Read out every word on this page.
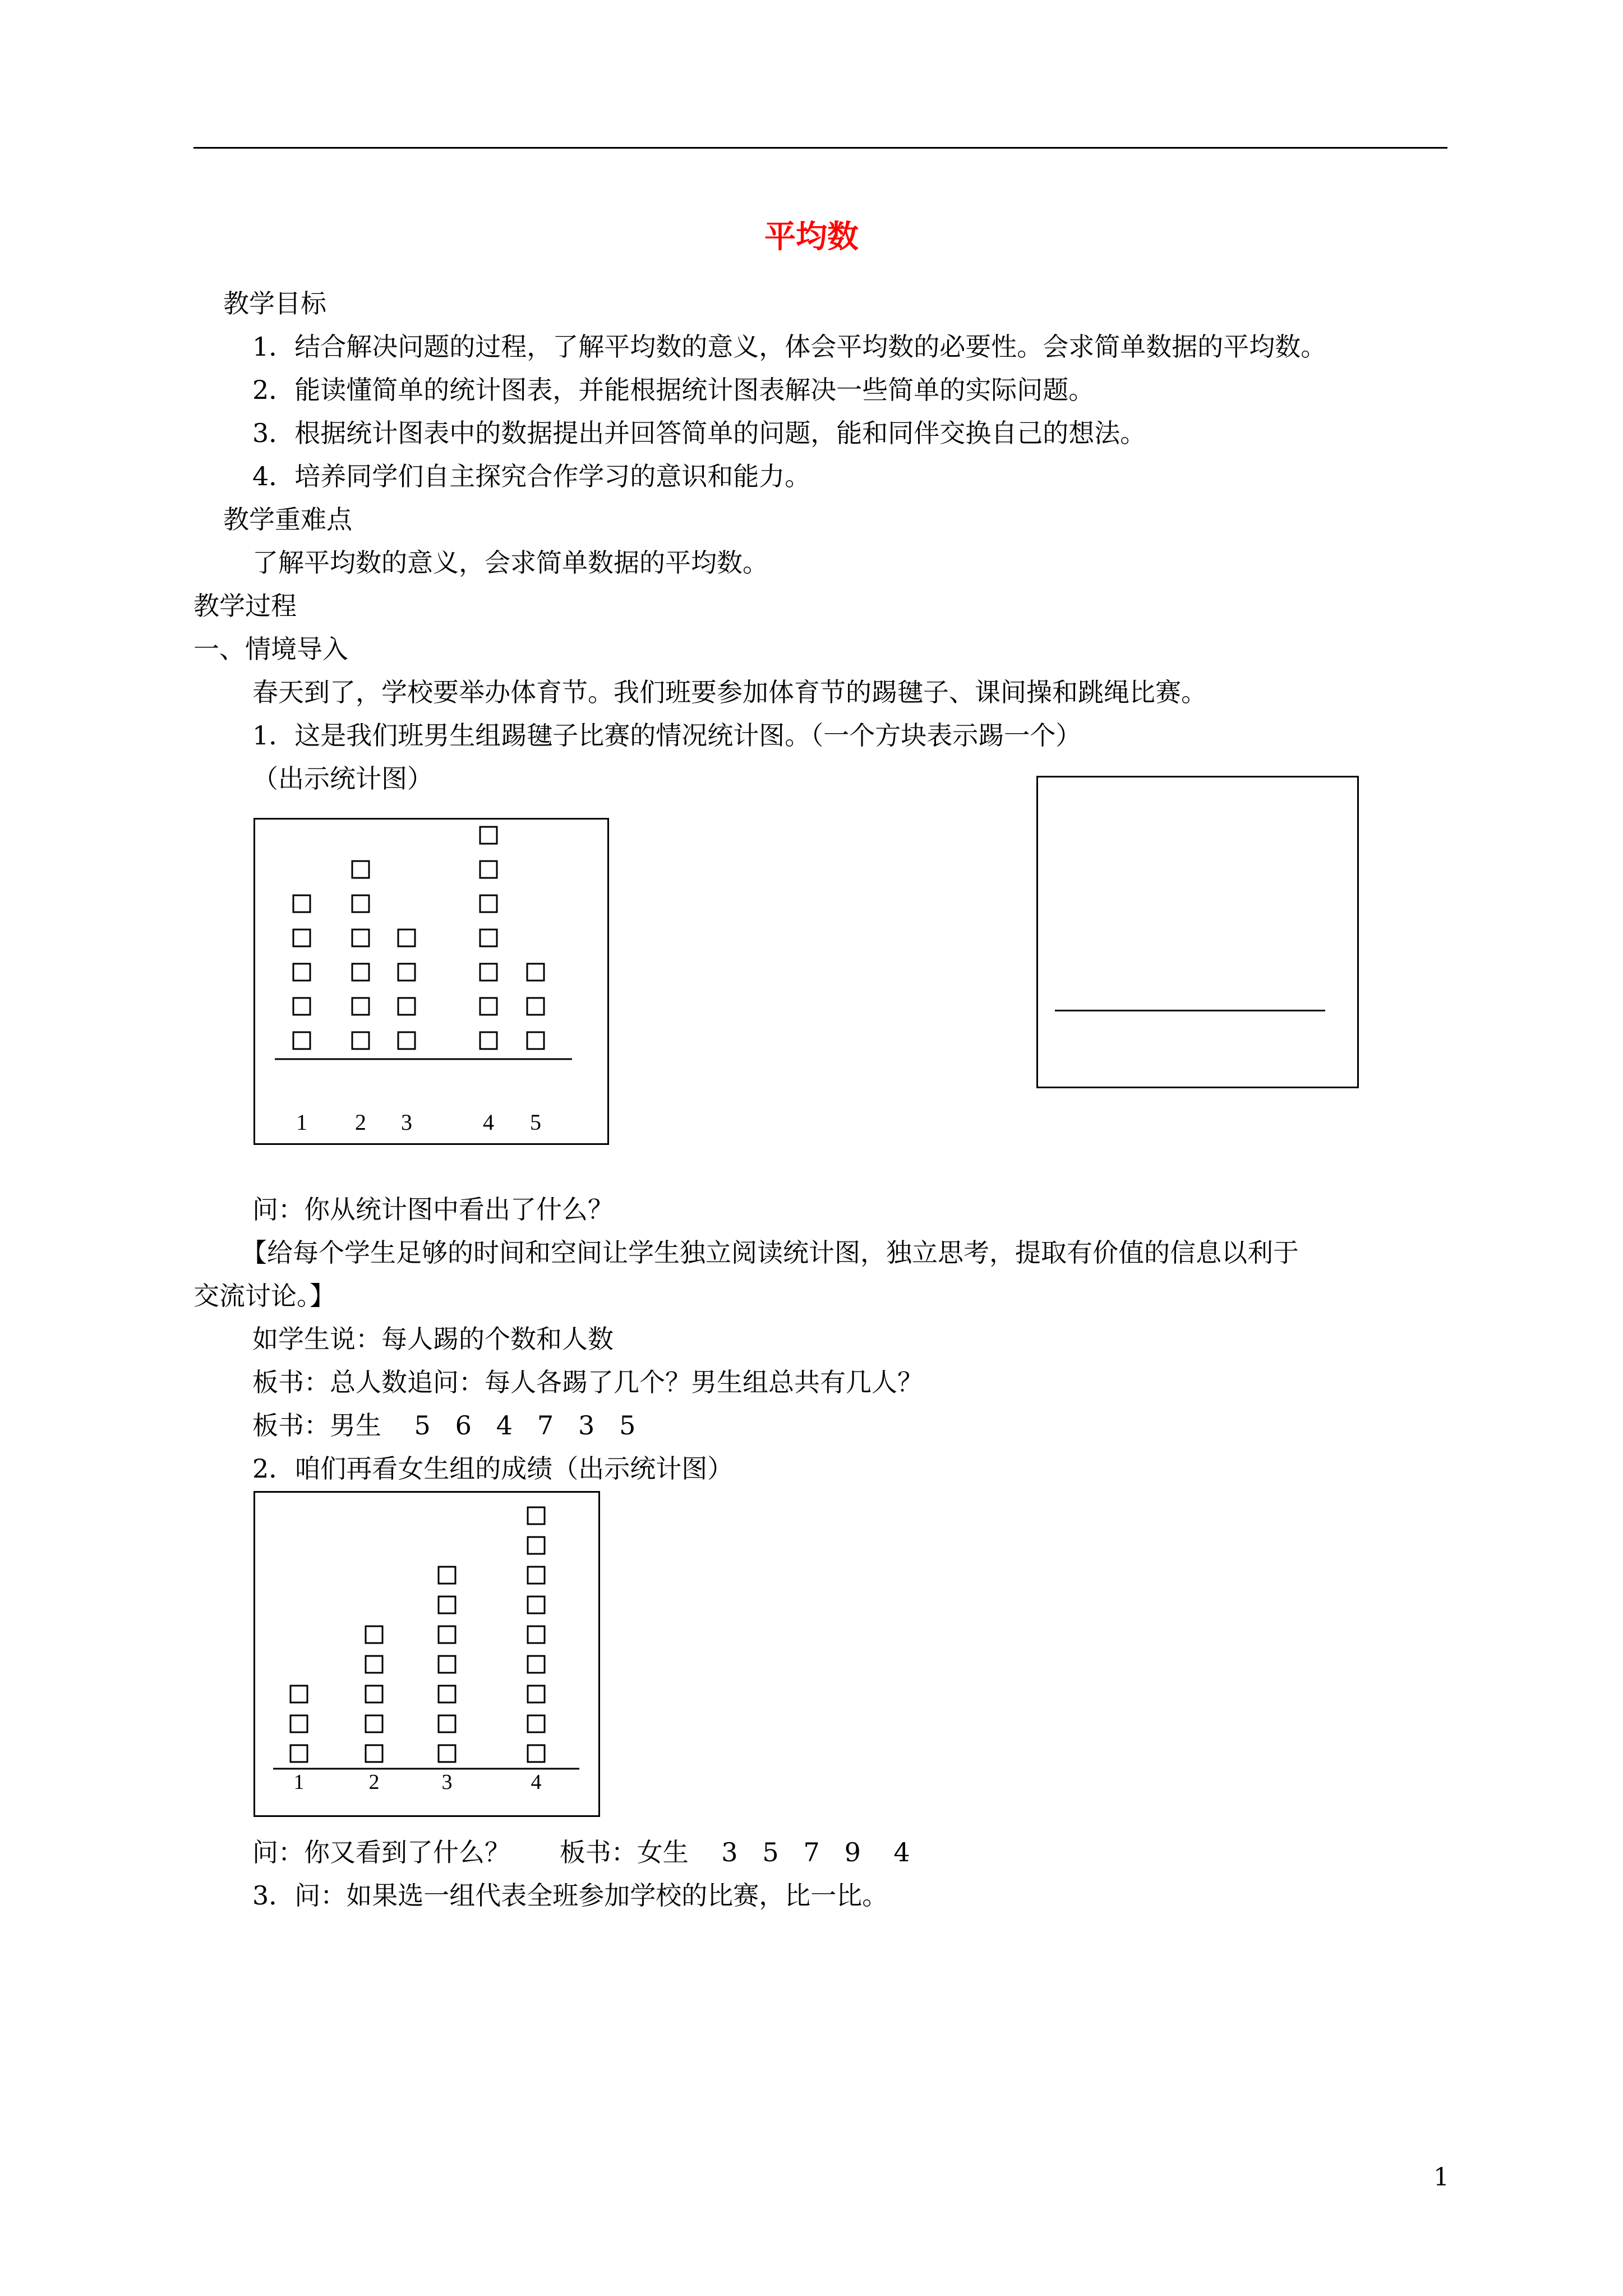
平均数
教学目标
1．结合解决问题的过程，了解平均数的意义，体会平均数的必要性。会求简单数据的平均数。
2．能读懂简单的统计图表，并能根据统计图表解决一些简单的实际问题。
3．根据统计图表中的数据提出并回答简单的问题，能和同伴交换自己的想法。
4．培养同学们自主探究合作学习的意识和能力。
教学重难点
了解平均数的意义，会求简单数据的平均数。
教学过程
一、情境导入
春天到了，学校要举办体育节。我们班要参加体育节的踢毽子、课间操和跳绳比赛。
1．这是我们班男生组踢毽子比赛的情况统计图。（一个方块表示踢一个）
（出示统计图）
1 2 3	4 5
问：你从统计图中看出了什么？
【给每个学生足够的时间和空间让学生独立阅读统计图，独立思考，提取有价值的信息以利于
交流讨论。】
如学生说：每人踢的个数和人数
板书：总人数追问：每人各踢了几个？男生组总共有几人？
板书：男生    5   6   4   7   3   5
2．咱们再看女生组的成绩（出示统计图）
1	2	3	4
问：你又看到了什么？      板书：女生    3   5   7   9    4
3．问：如果选一组代表全班参加学校的比赛，比一比。
1
